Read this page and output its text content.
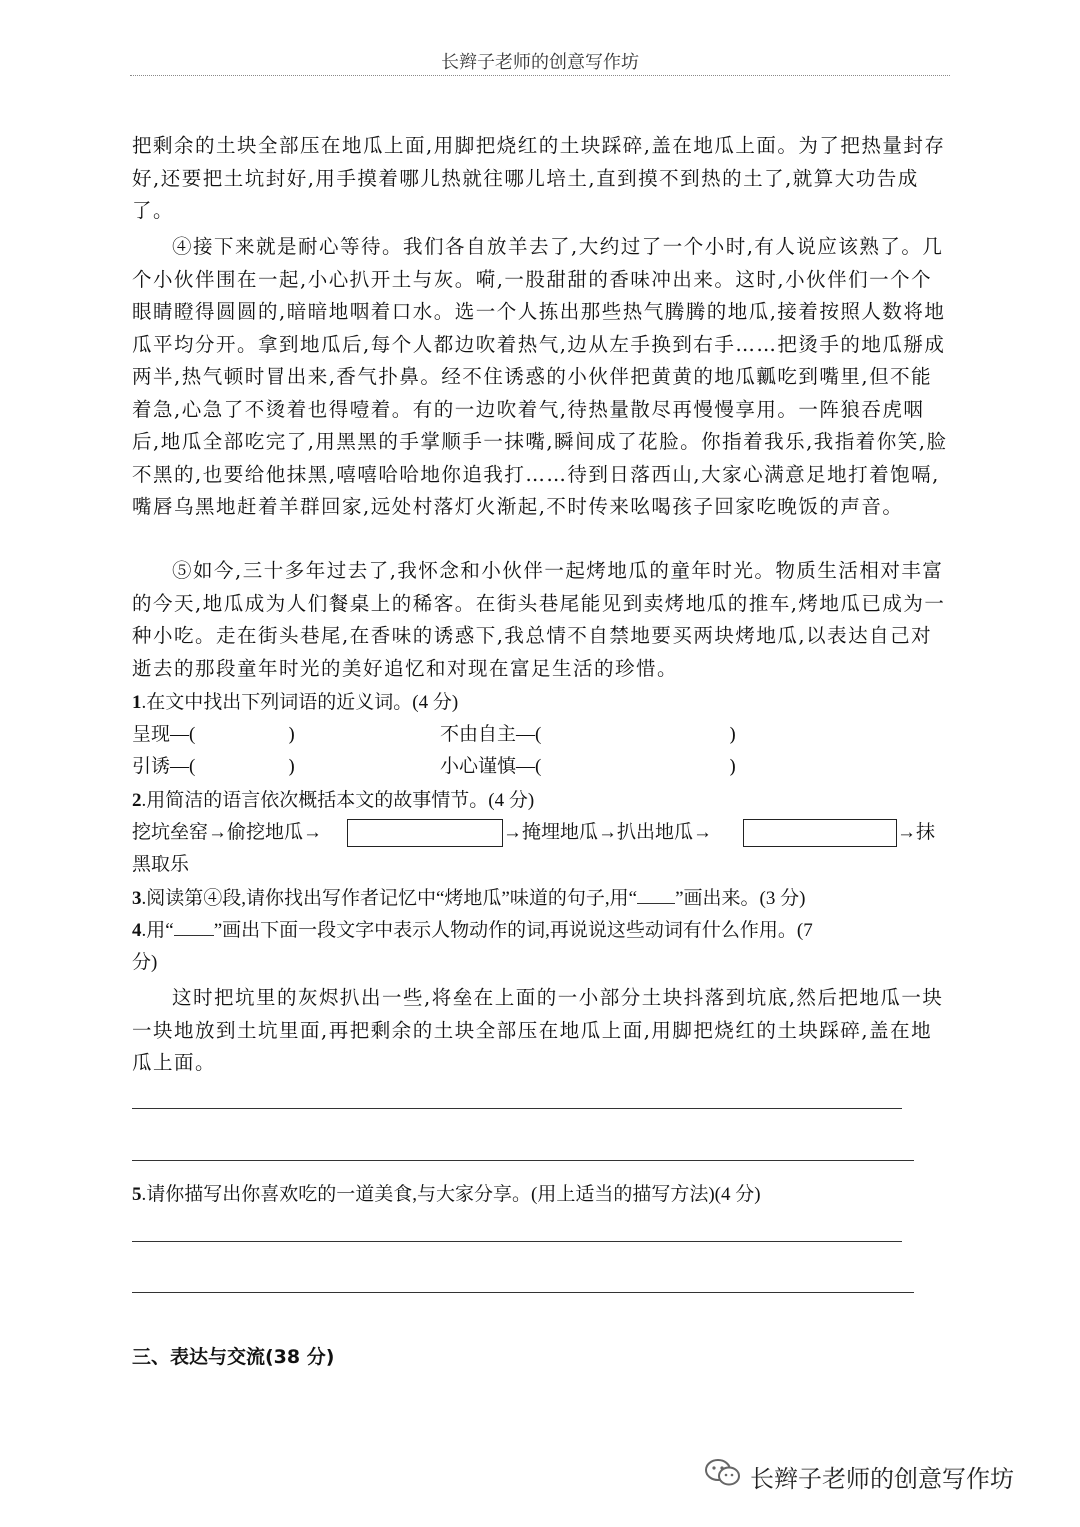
长辫子老师的创意写作坊
把剩余的土块全部压在地瓜上面,用脚把烧红的土块踩碎,盖在地瓜上面。为了把热量封存好,还要把土坑封好,用手摸着哪儿热就往哪儿培土,直到摸不到热的土了,就算大功告成了。
④接下来就是耐心等待。我们各自放羊去了,大约过了一个小时,有人说应该熟了。几个小伙伴围在一起,小心扒开土与灰。嗬,一股甜甜的香味冲出来。这时,小伙伴们一个个眼睛瞪得圆圆的,暗暗地咽着口水。选一个人拣出那些热气腾腾的地瓜,接着按照人数将地瓜平均分开。拿到地瓜后,每个人都边吹着热气,边从左手换到右手……把烫手的地瓜掰成两半,热气顿时冒出来,香气扑鼻。经不住诱惑的小伙伴把黄黄的地瓜瓤吃到嘴里,但不能着急,心急了不烫着也得噎着。有的一边吹着气,待热量散尽再慢慢享用。一阵狼吞虎咽后,地瓜全部吃完了,用黑黑的手掌顺手一抹嘴,瞬间成了花脸。你指着我乐,我指着你笑,脸不黑的,也要给他抹黑,嘻嘻哈哈地你追我打……待到日落西山,大家心满意足地打着饱嗝,嘴唇乌黑地赶着羊群回家,远处村落灯火渐起,不时传来吆喝孩子回家吃晚饭的声音。
⑤如今,三十多年过去了,我怀念和小伙伴一起烤地瓜的童年时光。物质生活相对丰富的今天,地瓜成为人们餐桌上的稀客。在街头巷尾能见到卖烤地瓜的推车,烤地瓜已成为一种小吃。走在街头巷尾,在香味的诱惑下,我总情不自禁地要买两块烤地瓜,以表达自己对逝去的那段童年时光的美好追忆和对现在富足生活的珍惜。
1.在文中找出下列词语的近义词。(4 分)
呈现—(	)	不由自主—(	)
引诱—(	)	小心谨慎—(	)
2.用简洁的语言依次概括本文的故事情节。(4 分)
挖坑垒窑→偷挖地瓜→	→掩埋地瓜→扒出地瓜→	→抹
黑取乐
3.阅读第④段,请你找出写作者记忆中“烤地瓜”味道的句子,用“ ”画出来。(3 分)
4.用“ ”画出下面一段文字中表示人物动作的词,再说说这些动词有什么作用。(7
分)
这时把坑里的灰烬扒出一些,将垒在上面的一小部分土块抖落到坑底,然后把地瓜一块一块地放到土坑里面,再把剩余的土块全部压在地瓜上面,用脚把烧红的土块踩碎,盖在地瓜上面。
5.请你描写出你喜欢吃的一道美食,与大家分享。(用上适当的描写方法)(4 分)
三、表达与交流(38 分)
长辫子老师的创意写作坊
